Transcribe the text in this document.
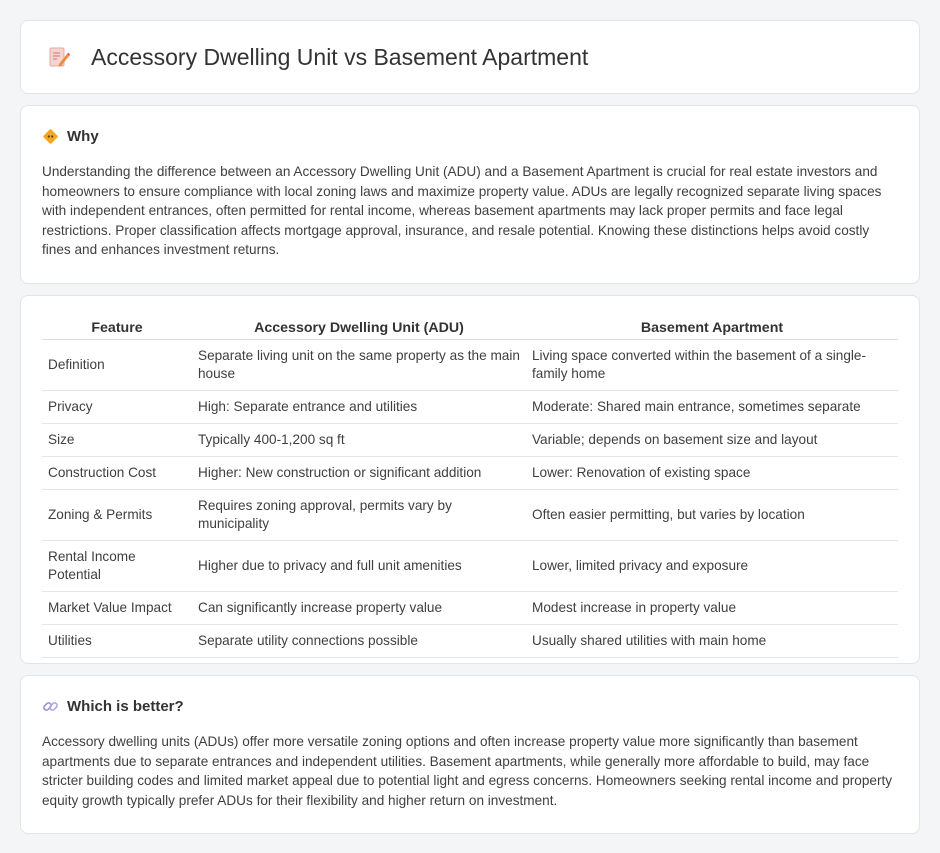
Accessory Dwelling Unit vs Basement Apartment
Why

Understanding the difference between an Accessory Dwelling Unit (ADU) and a Basement Apartment is crucial for real estate investors and homeowners to ensure compliance with local zoning laws and maximize property value. ADUs are legally recognized separate living spaces with independent entrances, often permitted for rental income, whereas basement apartments may lack proper permits and face legal restrictions. Proper classification affects mortgage approval, insurance, and resale potential. Knowing these distinctions helps avoid costly fines and enhances investment returns.

Feature	Accessory Dwelling Unit (ADU)	Basement Apartment
Definition	Separate living unit on the same property as the main house	Living space converted within the basement of a single-family home
Privacy	High: Separate entrance and utilities	Moderate: Shared main entrance, sometimes separate
Size	Typically 400-1,200 sq ft	Variable; depends on basement size and layout
Construction Cost	Higher: New construction or significant addition	Lower: Renovation of existing space
Zoning & Permits	Requires zoning approval, permits vary by municipality	Often easier permitting, but varies by location
Rental Income Potential	Higher due to privacy and full unit amenities	Lower, limited privacy and exposure
Market Value Impact	Can significantly increase property value	Modest increase in property value
Utilities	Separate utility connections possible	Usually shared utilities with main home
Which is better?

Accessory dwelling units (ADUs) offer more versatile zoning options and often increase property value more significantly than basement apartments due to separate entrances and independent utilities. Basement apartments, while generally more affordable to build, may face stricter building codes and limited market appeal due to potential light and egress concerns. Homeowners seeking rental income and property equity growth typically prefer ADUs for their flexibility and higher return on investment.
